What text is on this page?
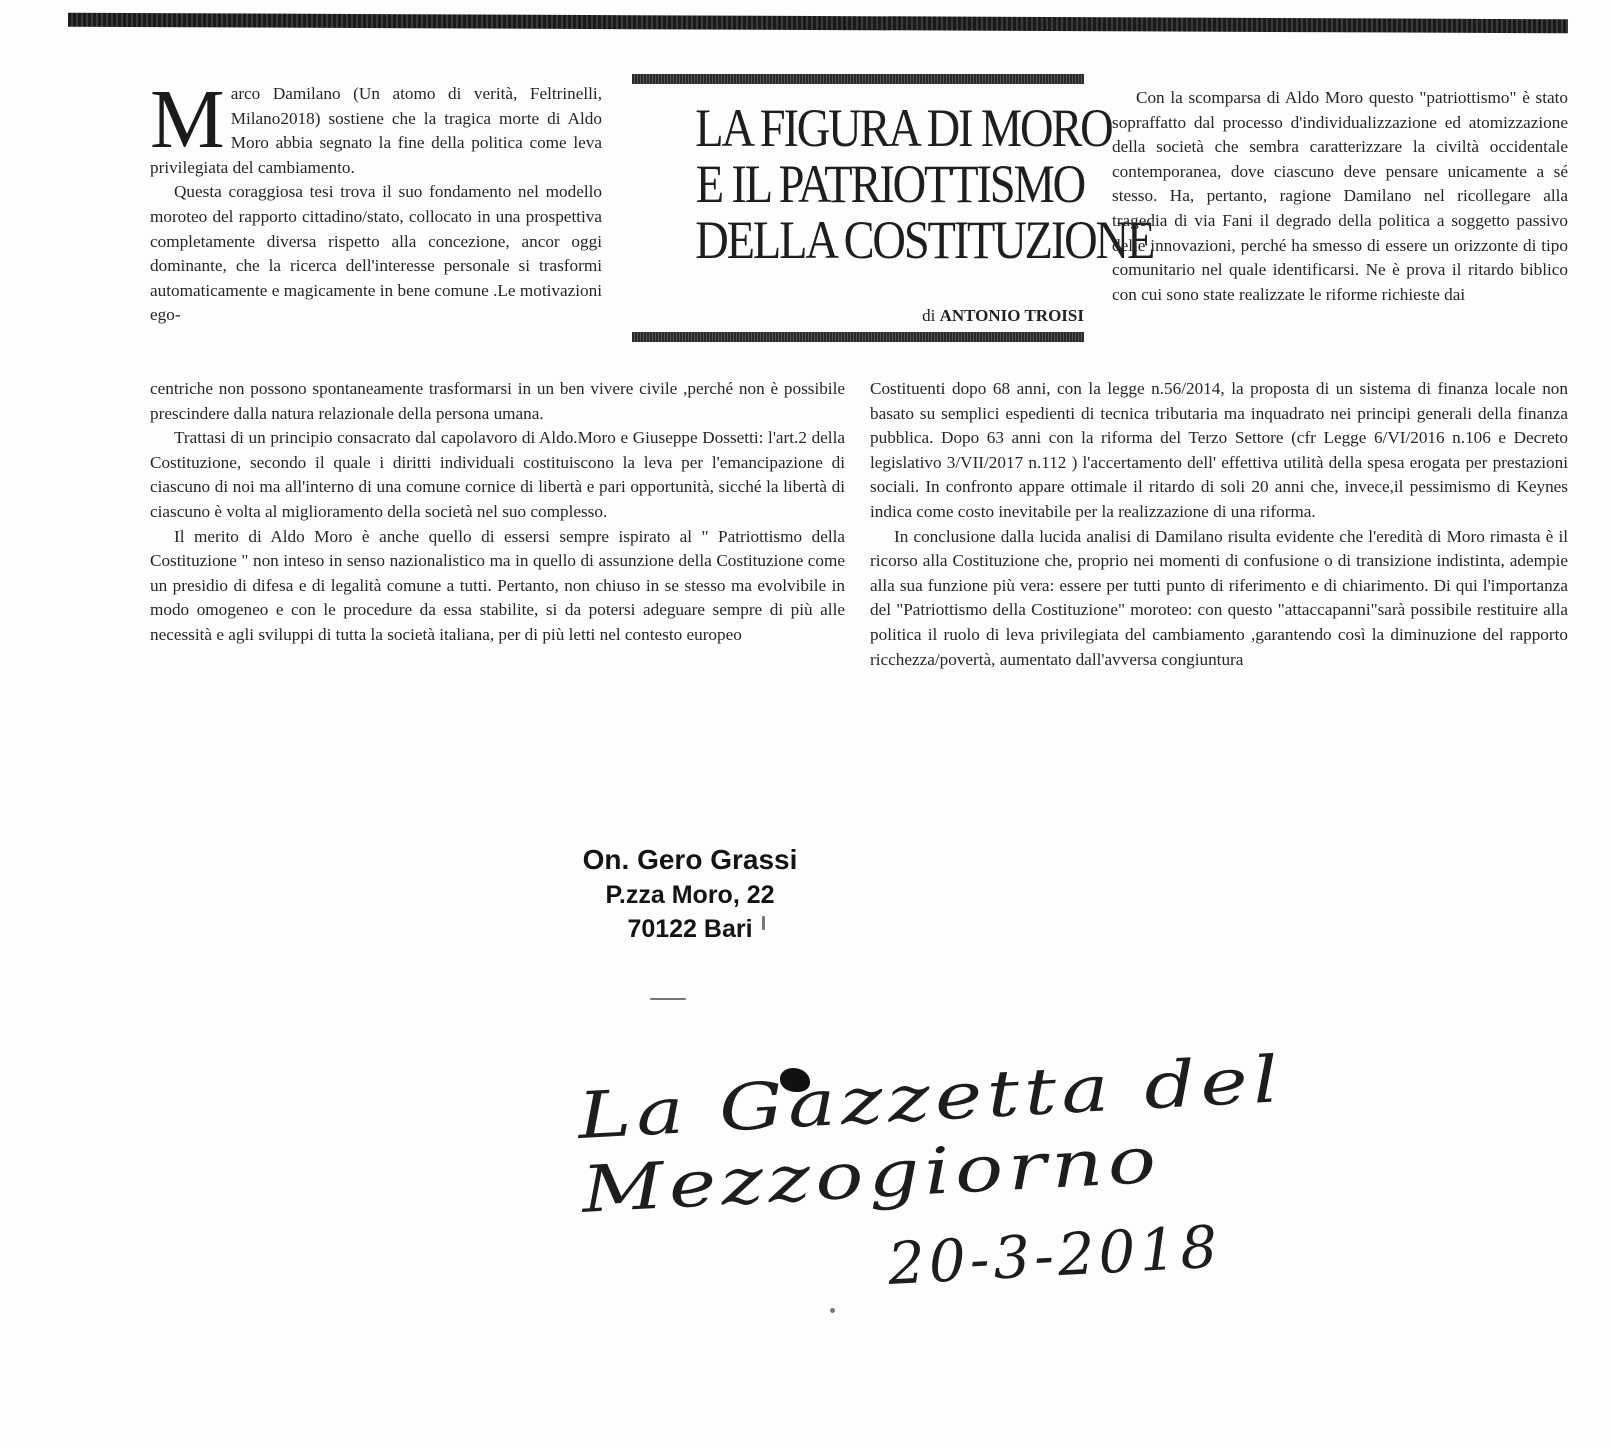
Marco Damilano (Un atomo di verità, Feltrinelli, Milano2018) sostiene che la tragica morte di Aldo Moro abbia segnato la fine della politica come leva privilegiata del cambiamento.

Questa coraggiosa tesi trova il suo fondamento nel modello moroteo del rapporto cittadino/stato, collocato in una prospettiva completamente diversa rispetto alla concezione, ancor oggi dominante, che la ricerca dell'interesse personale si trasformi automaticamente e magicamente in bene comune .Le motivazioni ego-

centriche non possono spontaneamente trasformarsi in un ben vivere civile ,perché non è possibile prescindere dalla natura relazionale della persona umana.

Trattasi di un principio consacrato dal capolavoro di Aldo.Moro e Giuseppe Dossetti: l'art.2 della Costituzione, secondo il quale i diritti individuali costituiscono la leva per l'emancipazione di ciascuno di noi ma all'interno di una comune cornice di libertà e pari opportunità, sicché la libertà di ciascuno è volta al miglioramento della società nel suo complesso.

Il merito di Aldo Moro è anche quello di essersi sempre ispirato al " Patriottismo della Costituzione " non inteso in senso nazionalistico ma in quello di assunzione della Costituzione come un presidio di difesa e di legalità comune a tutti. Pertanto, non chiuso in se stesso ma evolvibile in modo omogeneo e con le procedure da essa stabilite, si da potersi adeguare sempre di più alle necessità e agli sviluppi di tutta la società italiana, per di più letti nel contesto europeo

LA FIGURA DI MORO
E IL PATRIOTTISMO
DELLA COSTITUZIONE
di ANTONIO TROISI

Con la scomparsa di Aldo Moro questo "patriottismo" è stato sopraffatto dal processo d'individualizzazione ed atomizzazione della società che sembra caratterizzare la civiltà occidentale contemporanea, dove ciascuno deve pensare unicamente a sé stesso. Ha, pertanto, ragione Damilano nel ricollegare alla tragedia di via Fani il degrado della politica a soggetto passivo delle innovazioni, perché ha smesso di essere un orizzonte di tipo comunitario nel quale identificarsi. Ne è prova il ritardo biblico con cui sono state realizzate le riforme richieste dai

Costituenti dopo 68 anni, con la legge n.56/2014, la proposta di un sistema di finanza locale non basato su semplici espedienti di tecnica tributaria ma inquadrato nei principi generali della finanza pubblica. Dopo 63 anni con la riforma del Terzo Settore (cfr Legge 6/VI/2016 n.106 e Decreto legislativo 3/VII/2017 n.112 ) l'accertamento dell' effettiva utilità della spesa erogata per prestazioni sociali. In confronto appare ottimale il ritardo di soli 20 anni che, invece,il pessimismo di Keynes indica come costo inevitabile per la realizzazione di una riforma.

In conclusione dalla lucida analisi di Damilano risulta evidente che l'eredità di Moro rimasta è il ricorso alla Costituzione che, proprio nei momenti di confusione o di transizione indistinta, adempie alla sua funzione più vera: essere per tutti punto di riferimento e di chiarimento. Di qui l'importanza del "Patriottismo della Costituzione" moroteo: con questo "attaccapanni"sarà possibile restituire alla politica il ruolo di leva privilegiata del cambiamento ,garantendo così la diminuzione del rapporto ricchezza/povertà, aumentato dall'avversa congiuntura

On. Gero Grassi
P.zza Moro, 22
70122 Bari
La Gazzetta del Mezzogiorno
20-3-2018
